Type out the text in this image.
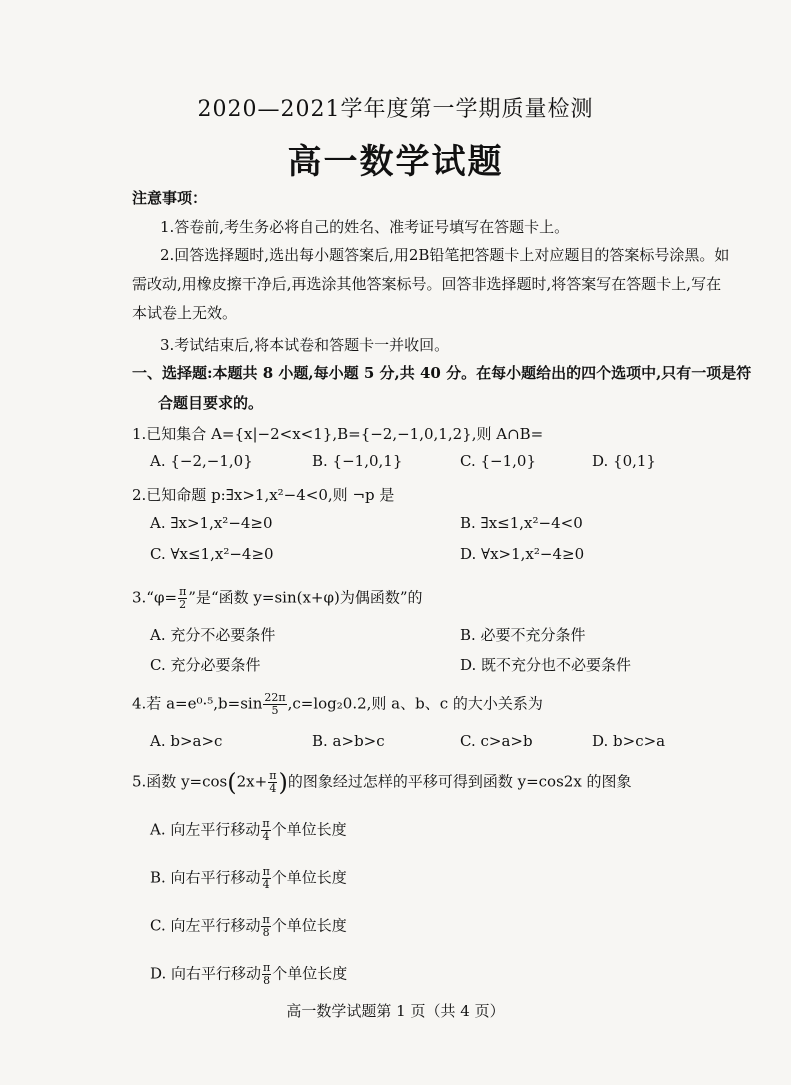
2020—2021学年度第一学期质量检测
高一数学试题
注意事项：
1.答卷前,考生务必将自己的姓名、准考证号填写在答题卡上。
2.回答选择题时,选出每小题答案后,用2B铅笔把答题卡上对应题目的答案标号涂黑。如
需改动,用橡皮擦干净后,再选涂其他答案标号。回答非选择题时,将答案写在答题卡上,写在
本试卷上无效。
3.考试结束后,将本试卷和答题卡一并收回。
一、选择题:本题共 8 小题,每小题 5 分,共 40 分。在每小题给出的四个选项中,只有一项是符
合题目要求的。
1.已知集合 A={x|−2<x<1},B={−2,−1,0,1,2},则 A∩B=
A. {−2,−1,0}	B. {−1,0,1}	C. {−1,0}	D. {0,1}
2.已知命题 p:∃x>1,x²−4<0,则 ¬p 是
A. ∃x>1,x²−4≥0	B. ∃x≤1,x²−4<0
C. ∀x≤1,x²−4≥0	D. ∀x>1,x²−4≥0
3.“φ= $\frac{\pi}{2}$ ”是“函数 y=sin(x+φ)为偶函数”的
A. 充分不必要条件	B. 必要不充分条件
C. 充分必要条件	D. 既不充分也不必要条件
4.若 $a=e^0\cdot^5,b=\sin \frac{22\pi}{5} ,c=\log_20.2$,则 a、b、c 的大小关系为
A. b>a>c	B. a>b>c	C. c>a>b	D. b>c>a
5.函数 $y=\cos(2x+ \frac{\pi}{4}$ )的图象经过怎样的平移可得到函数 y=cos2x 的图象
A. 向左平行移动 $\frac{\pi}{4}$ 个单位长度
B. 向右平行移动 $\frac{\pi}{4}$ 个单位长度
C. 向左平行移动 $\frac{\pi}{8}$ 个单位长度
D. 向右平行移动 $\frac{\pi}{8}$ 个单位长度
高一数学试题第 1 页（共 4 页）
